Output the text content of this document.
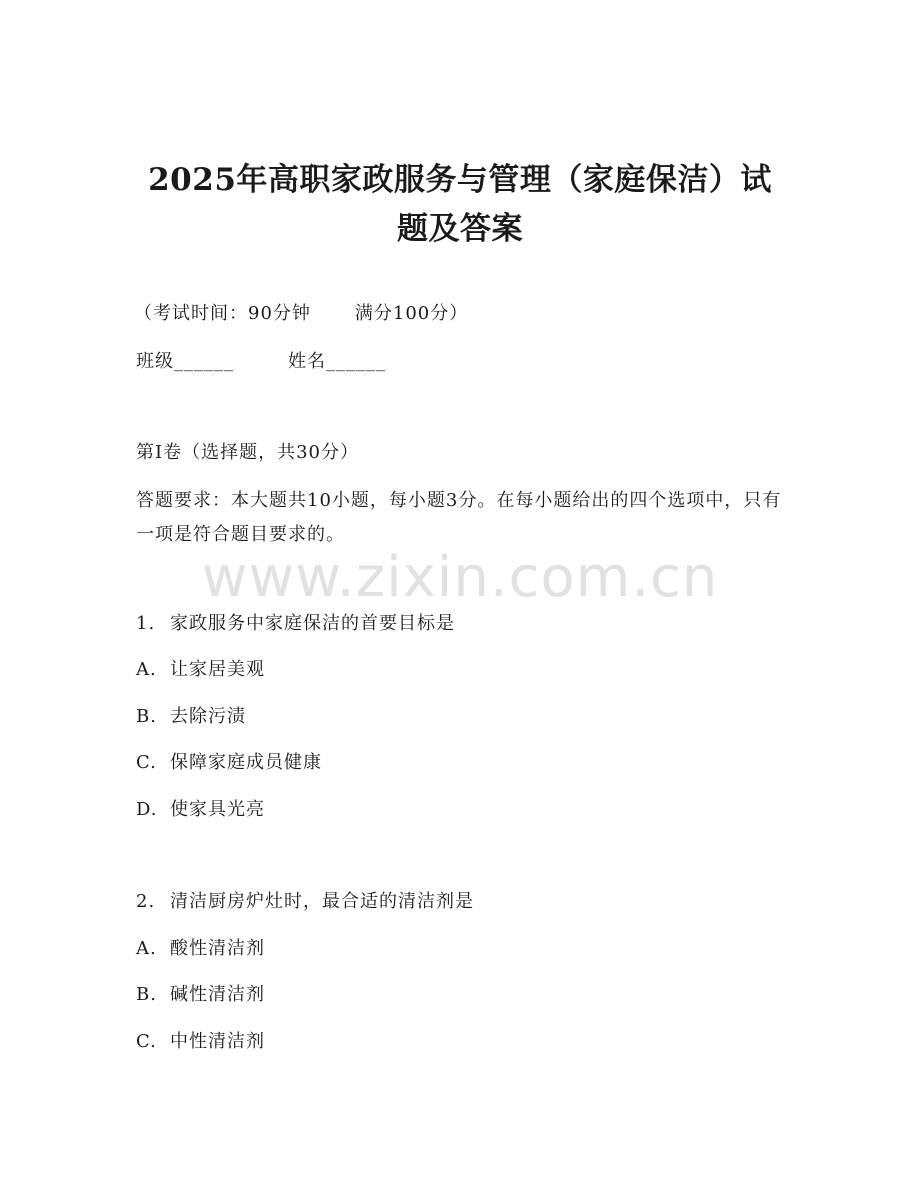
2025年高职家政服务与管理（家庭保洁）试
题及答案
（考试时间：90分钟 满分100分）
班级______	姓名______
第I卷（选择题，共30分）
答题要求：本大题共10小题，每小题3分。在每小题给出的四个选项中，只有一项是符合题目要求的。
www.zixin.com.cn
1. 家政服务中家庭保洁的首要目标是
A. 让家居美观
B. 去除污渍
C. 保障家庭成员健康
D. 使家具光亮
2. 清洁厨房炉灶时，最合适的清洁剂是
A. 酸性清洁剂
B. 碱性清洁剂
C. 中性清洁剂
